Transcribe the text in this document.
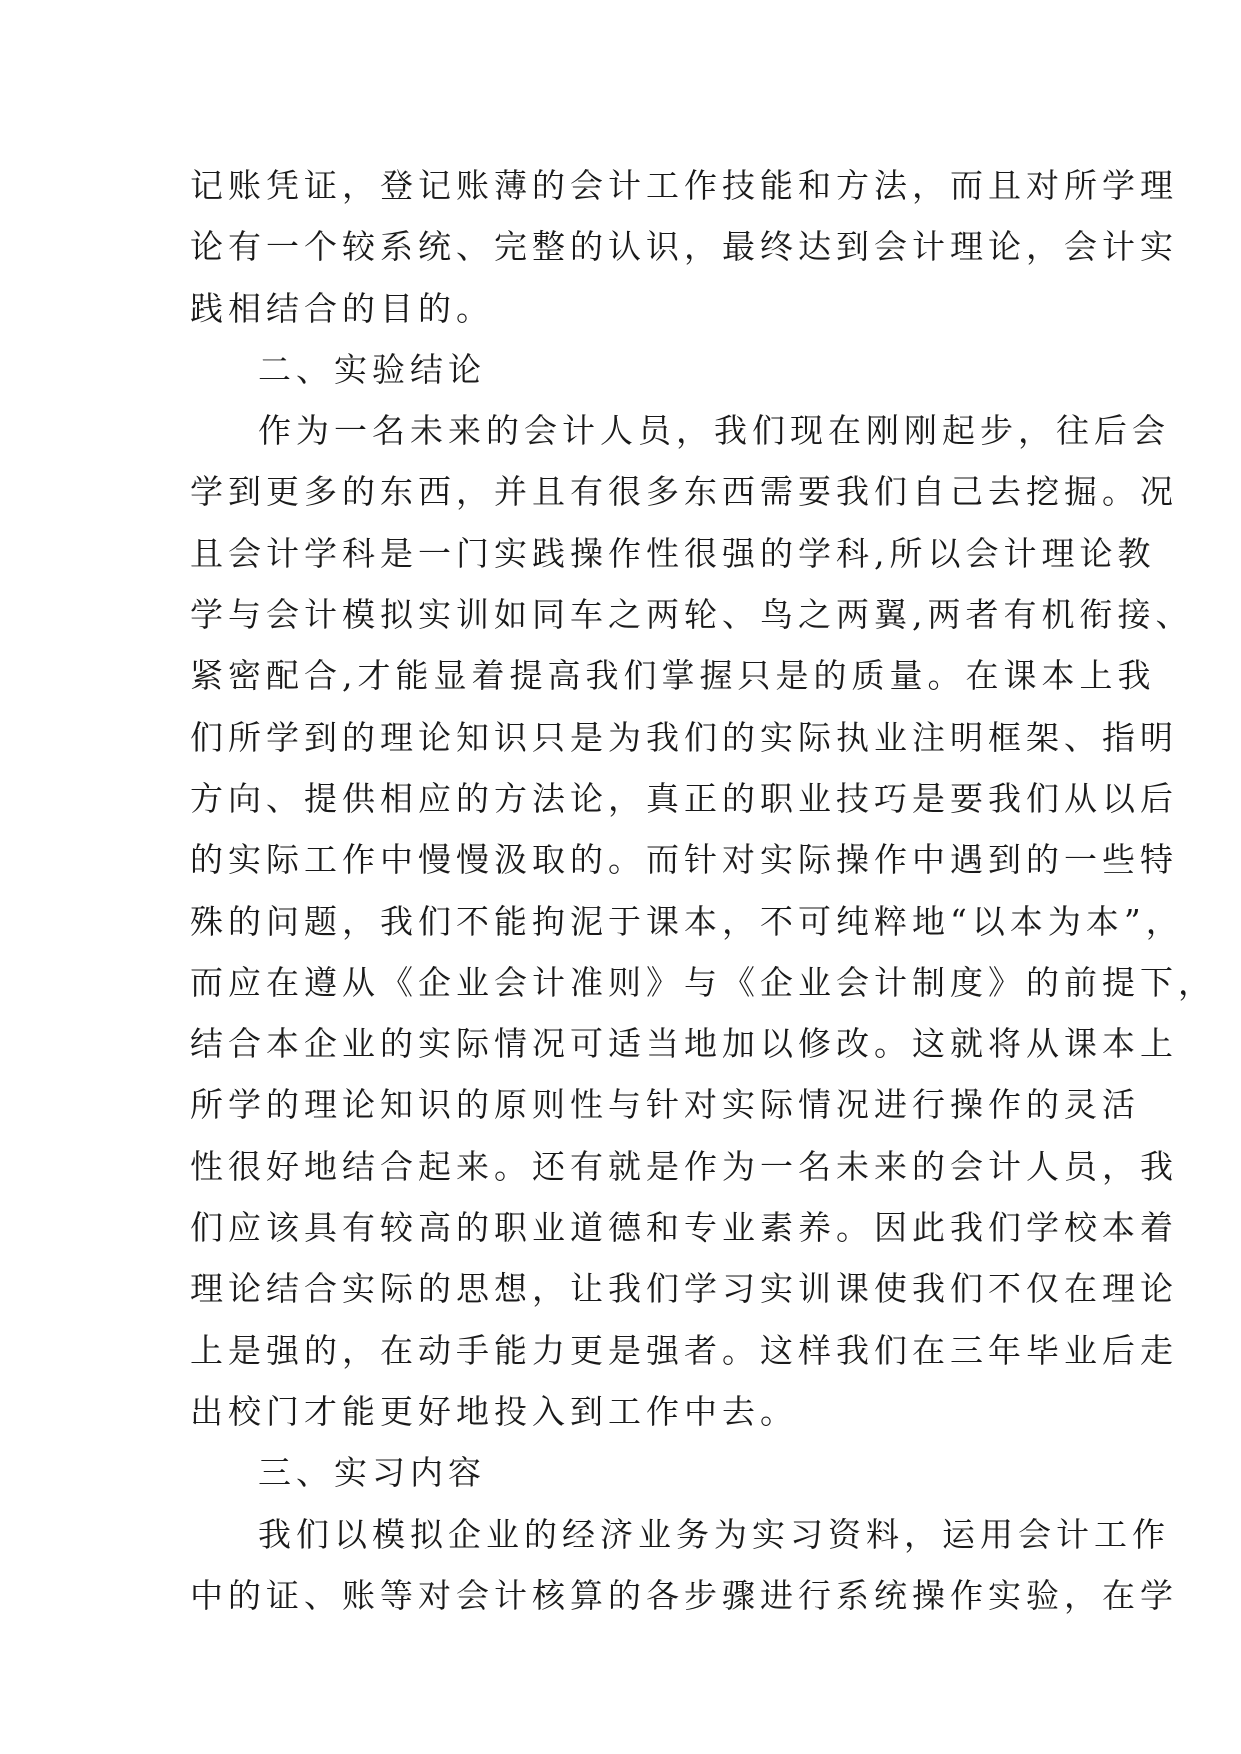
记账凭证，登记账薄的会计工作技能和方法，而且对所学理
论有一个较系统、完整的认识，最终达到会计理论，会计实
践相结合的目的。
二、实验结论
作为一名未来的会计人员，我们现在刚刚起步，往后会
学到更多的东西，并且有很多东西需要我们自己去挖掘。况
且会计学科是一门实践操作性很强的学科,所以会计理论教
学与会计模拟实训如同车之两轮、鸟之两翼,两者有机衔接、
紧密配合,才能显着提高我们掌握只是的质量。在课本上我
们所学到的理论知识只是为我们的实际执业注明框架、指明
方向、提供相应的方法论，真正的职业技巧是要我们从以后
的实际工作中慢慢汲取的。而针对实际操作中遇到的一些特
殊的问题，我们不能拘泥于课本，不可纯粹地“以本为本”，
而应在遵从《企业会计准则》与《企业会计制度》的前提下，
结合本企业的实际情况可适当地加以修改。这就将从课本上
所学的理论知识的原则性与针对实际情况进行操作的灵活
性很好地结合起来。还有就是作为一名未来的会计人员，我
们应该具有较高的职业道德和专业素养。因此我们学校本着
理论结合实际的思想，让我们学习实训课使我们不仅在理论
上是强的，在动手能力更是强者。这样我们在三年毕业后走
出校门才能更好地投入到工作中去。
三、实习内容
我们以模拟企业的经济业务为实习资料，运用会计工作
中的证、账等对会计核算的各步骤进行系统操作实验，在学
